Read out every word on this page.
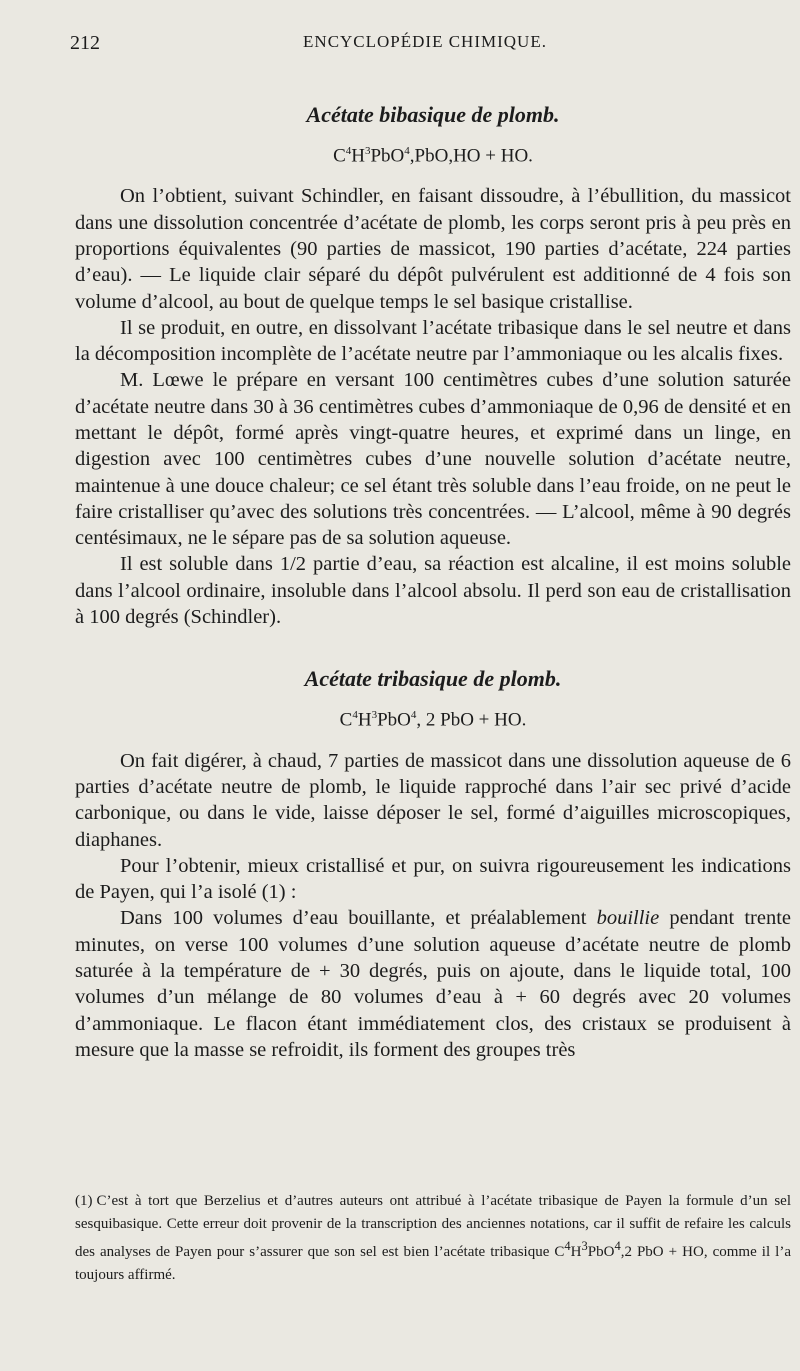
212	ENCYCLOPÉDIE CHIMIQUE.
Acétate bibasique de plomb.
$C^4H^3PbO^4,PbO,HO$ + HO.

On l’obtient, suivant Schindler, en faisant dissoudre, à l’ébullition, du massicot dans une dissolution concentrée d’acétate de plomb, les corps seront pris à peu près en proportions équivalentes (90 parties de massicot, 190 parties d’acétate, 224 parties d’eau). — Le liquide clair séparé du dépôt pulvérulent est additionné de 4 fois son volume d’alcool, au bout de quelque temps le sel basique cristallise.

Il se produit, en outre, en dissolvant l’acétate tribasique dans le sel neutre et dans la décomposition incomplète de l’acétate neutre par l’ammoniaque ou les alcalis fixes.

M. Lœwe le prépare en versant 100 centimètres cubes d’une solution saturée d’acétate neutre dans 30 à 36 centimètres cubes d’ammoniaque de 0,96 de densité et en mettant le dépôt, formé après vingt-quatre heures, et exprimé dans un linge, en digestion avec 100 centimètres cubes d’une nouvelle solution d’acétate neutre, maintenue à une douce chaleur; ce sel étant très soluble dans l’eau froide, on ne peut le faire cristalliser qu’avec des solutions très concentrées. — L’alcool, même à 90 degrés centésimaux, ne le sépare pas de sa solution aqueuse.

Il est soluble dans 1/2 partie d’eau, sa réaction est alcaline, il est moins soluble dans l’alcool ordinaire, insoluble dans l’alcool absolu. Il perd son eau de cristallisation à 100 degrés (Schindler).

Acétate tribasique de plomb.
$C^4H^3PbO^4$, 2 PbO + HO.

On fait digérer, à chaud, 7 parties de massicot dans une dissolution aqueuse de 6 parties d’acétate neutre de plomb, le liquide rapproché dans l’air sec privé d’acide carbonique, ou dans le vide, laisse déposer le sel, formé d’aiguilles microscopiques, diaphanes.

Pour l’obtenir, mieux cristallisé et pur, on suivra rigoureusement les indications de Payen, qui l’a isolé (1) :

Dans 100 volumes d’eau bouillante, et préalablement bouillie pendant trente minutes, on verse 100 volumes d’une solution aqueuse d’acétate neutre de plomb saturée à la température de + 30 degrés, puis on ajoute, dans le liquide total, 100 volumes d’un mélange de 80 volumes d’eau à + 60 degrés avec 20 volumes d’ammoniaque. Le flacon étant immédiatement clos, des cristaux se produisent à mesure que la masse se refroidit, ils forment des groupes très

(1) C’est à tort que Berzelius et d’autres auteurs ont attribué à l’acétate tribasique de Payen la formule d’un sel sesquibasique. Cette erreur doit provenir de la transcription des anciennes notations, car il suffit de refaire les calculs des analyses de Payen pour s’assurer que son sel est bien l’acétate tribasique $C^4H^3PbO^4,2$ PbO + HO, comme il l’a toujours affirmé.
